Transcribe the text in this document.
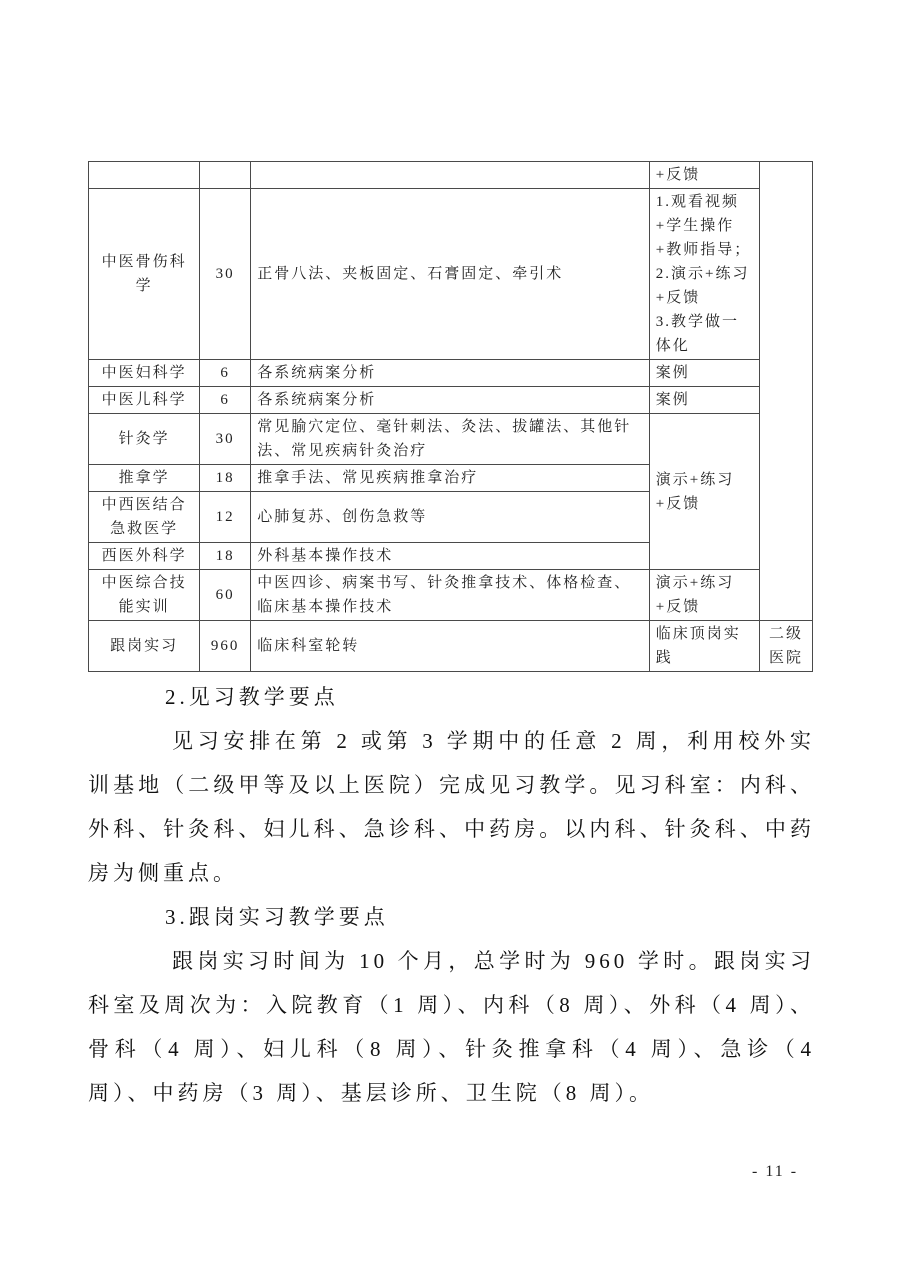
			+反馈	
中医骨伤科学	30	正骨八法、夹板固定、石膏固定、牵引术	1.观看视频+学生操作+教师指导；2.演示+练习+反馈
3.教学做一体化	

中医妇科学	6	各系统病案分析	案例	
中医儿科学	6	各系统病案分析	案例	
针灸学	30	常见腧穴定位、毫针刺法、灸法、拔罐法、其他针法、常见疾病针灸治疗	演示+练习+反馈	
推拿学	18	推拿手法、常见疾病推拿治疗		
中西医结合急救医学	12	心肺复苏、创伤急救等		
西医外科学	18	外科基本操作技术		
中医综合技能实训	60	中医四诊、病案书写、针灸推拿技术、体格检查、临床基本操作技术	演示+练习+反馈	
跟岗实习	960	临床科室轮转	临床顶岗实践	二级医院

2.见习教学要点

见习安排在第 2 或第 3 学期中的任意 2 周，利用校外实训基地（二级甲等及以上医院）完成见习教学。见习科室：内科、外科、针灸科、妇儿科、急诊科、中药房。以内科、针灸科、中药房为侧重点。

3.跟岗实习教学要点

跟岗实习时间为 10 个月，总学时为 960 学时。跟岗实习科室及周次为：入院教育（1 周）、内科（8 周）、外科（4 周）、骨科（4 周）、妇儿科（8 周）、针灸推拿科（4 周）、急诊（4 周）、中药房（3 周）、基层诊所、卫生院（8 周）。

- 11 -
